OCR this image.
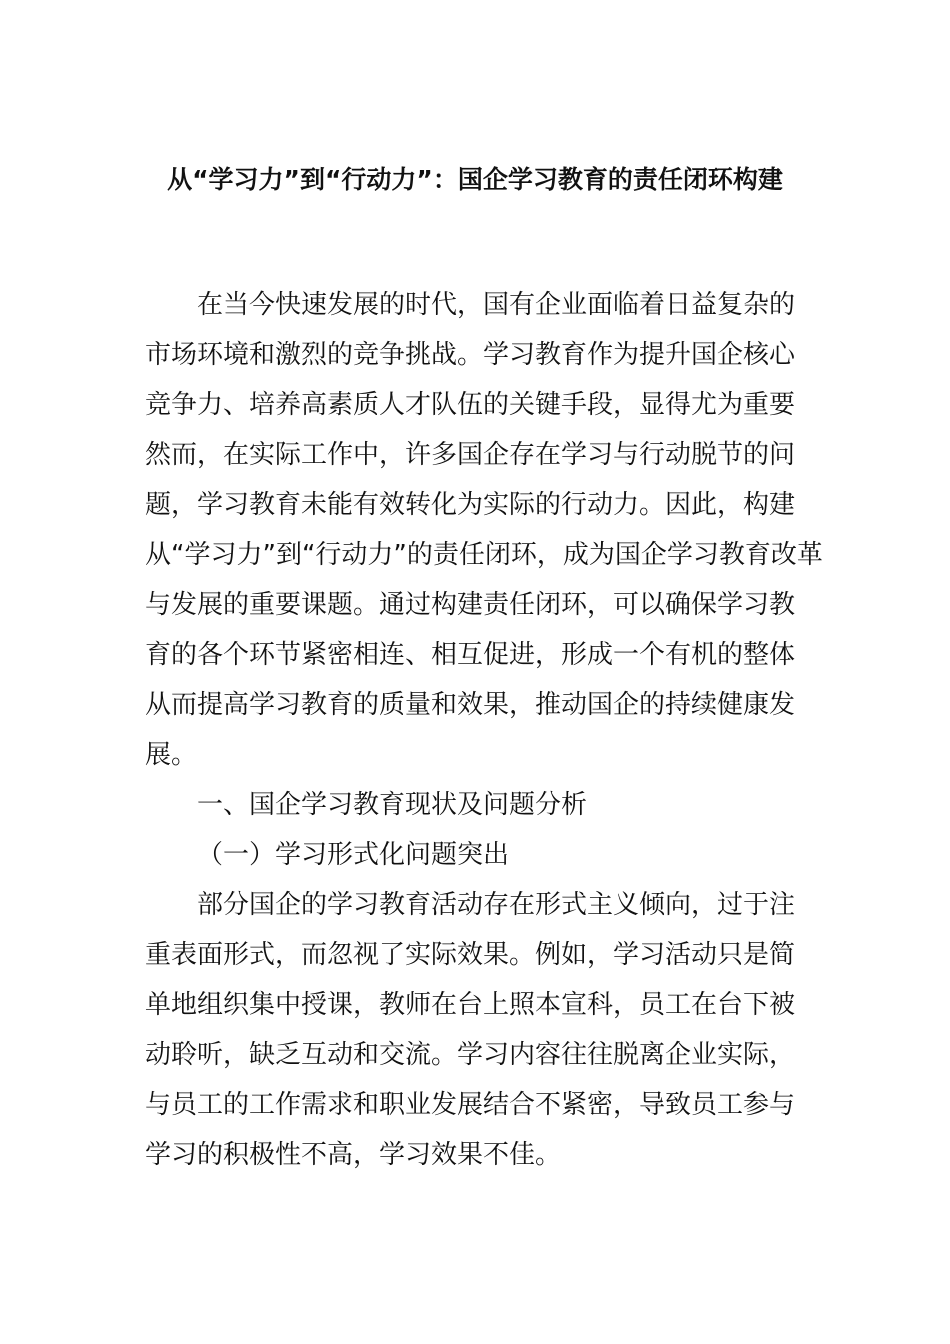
从“学习力”到“行动力”：国企学习教育的责任闭环构建
在当今快速发展的时代，国有企业面临着日益复杂的
市场环境和激烈的竞争挑战。学习教育作为提升国企核心
竞争力、培养高素质人才队伍的关键手段，显得尤为重要
然而，在实际工作中，许多国企存在学习与行动脱节的问
题，学习教育未能有效转化为实际的行动力。因此，构建
从“学习力”到“行动力”的责任闭环，成为国企学习教育改革
与发展的重要课题。通过构建责任闭环，可以确保学习教
育的各个环节紧密相连、相互促进，形成一个有机的整体
从而提高学习教育的质量和效果，推动国企的持续健康发
展。
一、国企学习教育现状及问题分析
（一）学习形式化问题突出
部分国企的学习教育活动存在形式主义倾向，过于注
重表面形式，而忽视了实际效果。例如，学习活动只是简
单地组织集中授课，教师在台上照本宣科，员工在台下被
动聆听，缺乏互动和交流。学习内容往往脱离企业实际，
与员工的工作需求和职业发展结合不紧密，导致员工参与
学习的积极性不高，学习效果不佳。
